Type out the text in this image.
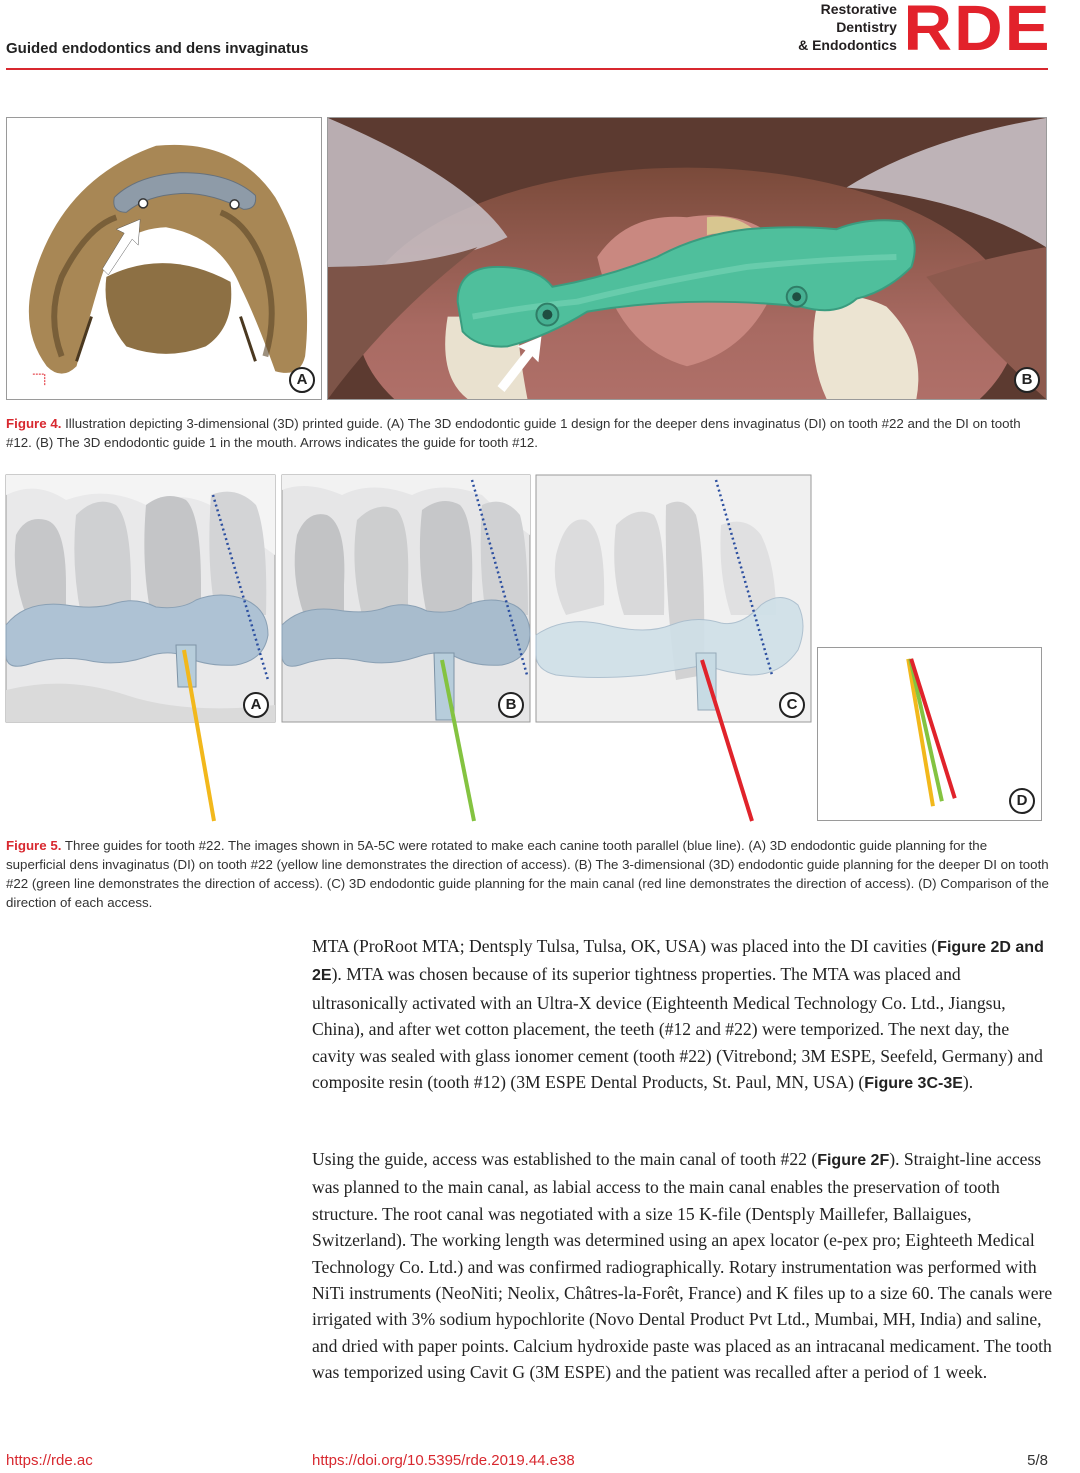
Guided endodontics and dens invaginatus
Restorative
Dentistry
& Endodontics RDE
A	B
Figure 4. Illustration depicting 3-dimensional (3D) printed guide. (A) The 3D endodontic guide 1 design for the deeper dens invaginatus (DI) on tooth #22 and the DI on tooth #12. (B) The 3D endodontic guide 1 in the mouth. Arrows indicates the guide for tooth #12.
A	B	C
D
Figure 5. Three guides for tooth #22. The images shown in 5A-5C were rotated to make each canine tooth parallel (blue line). (A) 3D endodontic guide planning for the superficial dens invaginatus (DI) on tooth #22 (yellow line demonstrates the direction of access). (B) The 3-dimensional (3D) endodontic guide planning for the deeper DI on tooth #22 (green line demonstrates the direction of access). (C) 3D endodontic guide planning for the main canal (red line demonstrates the direction of access). (D) Comparison of the direction of each access.

MTA (ProRoot MTA; Dentsply Tulsa, Tulsa, OK, USA) was placed into the DI cavities (Figure 2D and 2E). MTA was chosen because of its superior tightness properties. The MTA was placed and ultrasonically activated with an Ultra-X device (Eighteenth Medical Technology Co. Ltd., Jiangsu, China), and after wet cotton placement, the teeth (#12 and #22) were temporized. The next day, the cavity was sealed with glass ionomer cement (tooth #22) (Vitrebond; 3M ESPE, Seefeld, Germany) and composite resin (tooth #12) (3M ESPE Dental Products, St. Paul, MN, USA) (Figure 3C-3E).

Using the guide, access was established to the main canal of tooth #22 (Figure 2F). Straight-line access was planned to the main canal, as labial access to the main canal enables the preservation of tooth structure. The root canal was negotiated with a size 15 K-file (Dentsply Maillefer, Ballaigues, Switzerland). The working length was determined using an apex locator (e-pex pro; Eighteeth Medical Technology Co. Ltd.) and was confirmed radiographically. Rotary instrumentation was performed with NiTi instruments (NeoNiti; Neolix, Châtres-la-Forêt, France) and K files up to a size 60. The canals were irrigated with 3% sodium hypochlorite (Novo Dental Product Pvt Ltd., Mumbai, MH, India) and saline, and dried with paper points. Calcium hydroxide paste was placed as an intracanal medicament. The tooth was temporized using Cavit G (3M ESPE) and the patient was recalled after a period of 1 week.

https://rde.ac	https://doi.org/10.5395/rde.2019.44.e38	5/8
